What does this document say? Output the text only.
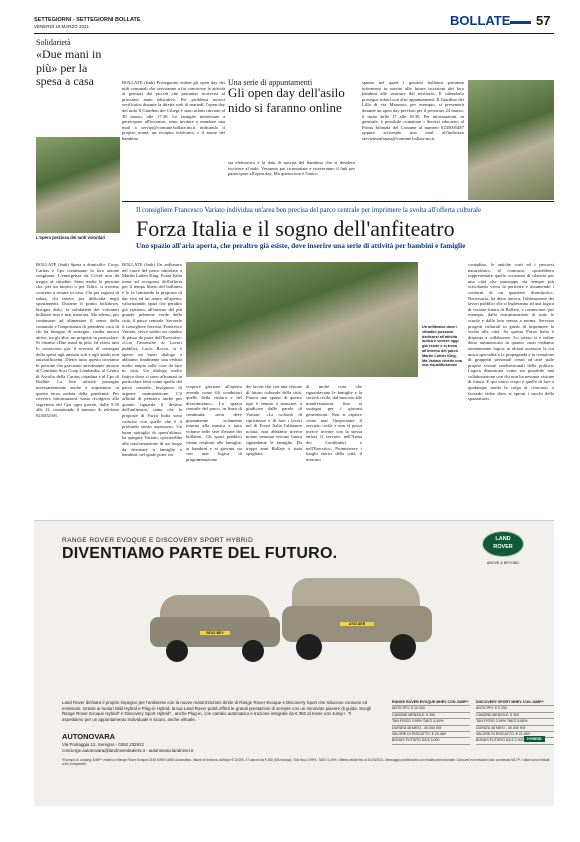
SETTEGIORNI - SETTEGIORNI BOLLATE
VENERDÌ 19 MARZO 2021	BOLLATE 57
Solidarietà
«Due mani in più» per la spesa a casa
L'opera preziosa dei tanti volontari
BOLLATE (fmh) Spesa a domicilio: Coop, Caritas e Cps continuano la loro azione congiunta. L'emergenza da Covid non dà tregua ai cittadini. Sono molte le persone che, per un motivo o per l'altro, si trovano costrette a restare in casa. Chi per ragioni di salute, chi invece per difficoltà negli spostamenti. Durante il primo lockdown, bisogna dirlo, la solidarietà dei volontari bollatesi non è mai mancata. Ma adesso, per continuare ad alimentare il senso della comunità e l'importanza di prendersi cura di chi ha bisogno di sostegno, risulta ancora attivo, tra gli altri, un progetto in particolare. Si chiama «Due mani in più» ed estesi tutti lo conoscono già: il servizio di consegna della spesa agli anziani soli e agli adulti non autosufficienti. Dietro tutto questo troviamo le persone che gravitano attivamente attorno al Comitato Soci Coop Lombardia, al Centro di Ascolto della Caritas cittadina e al Cps di Bollate. La loro attività prosegue incessantemente anche e soprattutto in questa terza ondata della pandemia. Per ricevere informazioni, basta rivolgersi alla segreteria del Cps ogni giorno, dalle 9.30 alle 12, contattando il numero di telefono 023502168.
BOLLATE (fmh) Proseguono online gli open day dei nidi comunali che serviranno a far conoscere le attività ai genitori dei piccoli che potranno iscriversi al prossimo anno educativo. Per problemi tecnici verificatisi durante la diretta web di martedì, l'open day del nido Il Giardino dei Ciliegi è stato infatti rinviato al 30 marzo, alle 17.30. Le famiglie interessate a partecipare all'incontro, sono invitate a mandare una mail a servizi@comune.bollate.mi.it indicando il proprio nome, un recapito telefonico e il nome del bambino.
Una serie di appuntamenti
Gli open day dell'asilo nido si faranno online
sia elettronica e la data di nascita del bambino che si desidera iscrivere al nido. Verranno poi ricontattate e riceveranno il link per partecipare all'open day. Ma questo non è l'unico
spunto nel quale i genitori bollatesi potranno informarsi in merito alle future iscrizioni dei loro bambini alle strutture del territorio. Il calendario prosegue infatti con altri appuntamenti. Il Giardino dei Lilla di via Manzoni, per esempio, si presenterà durante un open day previsto per il prossimo 24 marzo, il turno dalle 17 alle 18.30. Per informazioni, in generale, è possibile contattare i Servizi educativi al Prima Infanzia del Comune al numero 0235005487 oppure scrivendo una mail all'indirizzo servizimaifanzia@comune.bollate.mi.it.
Il consigliere Francesco Variato individua un'area ben precisa del parco centrale per imprimere la svolta all'offerta culturale
Forza Italia e il sogno dell'anfiteatro
Uno spazio all'aria aperta, che peraltro già esiste, dove inserire una serie di attività per bambini e famiglie
BOLLATE (fmh) Un anfiteatro nel cuore del parco intitolato a Martin Luther King. Forza Italia torna ad occuparsi dell'offerta per il tempo libero dei bollatesi e lo fa lanciando la proposta di dar vita ad un teatro all'aperto, valorizzando spazi che peraltro già esistono, all'interno del più grande polmone verde della città, il parco centrale. Secondo il consigliere forzista, Francesco Variato, serve subito un cambio di passo da parte dell'Esecutivo: «Con l'assessore ai Lavori pubblici, Lucia Rocca, si è aperto un buon dialogo e abbiamo finalmente una veduta molto ampia sulle cose da fare in città. Un dialogo molto fattivo dove ci sono affrontati in particolare temi come quello del parco centrale, bisognoso di urgente manutenzione. C'è affinità di pensiero anche per quanto riguarda il destino dell'anfiteatro, tanto che le proposte di Forza Italia sono coincise con quelle che è il profondo stesso assessore». Un buon spiraglio di quest'ultimo, ha spiegato Variato, «porterebbe alla trasformazione di un luogo da destinare a famiglie e bambini, nel quale poter ria-
Un anfiteatro dove i cittadini possano dedicarsi all'attività ludica e vedere oggi già esiste e si trova all'interno del parco Martin Luther King. Ma Variato chiede una sua riqualificazione
scoprire giornate all'aperto avendo come fili conduttori quello della cultura e del divertimento». Lo spazio centrale del parco, in linea di continuità, «non deve giustamente solamente intorno alla musica a tutto volume nelle sere d'estate dei bollatesi. Gli spazi pubblici vanno restituiti alle famiglie, ai bambini e ai giovani sia con una logica di programmazione
dei lavori che con una visione di futuro culturale della città. Finora uno spazio di questo tipo è venuto a mancare, a giudicare dalle parole di Variato: «La volontà di ripristinare e di fare i lavori nel di Forza Italia l'abbiamo notata, non abbiamo invece notato nessuna visione futura riguardante le famiglie. Da troppi anni Bollate è stata spogliata
di molte cose che riguardavano le famiglie e la società civile, dal mercato alle manifestazioni, fino ai sostegni per i giovani generazioni. Non si capisce come mai l'importante il servizio civile e non si possa invece trovare con la stessa enfasi il servizio nell'Arma dei Carabinieri o nell'Esercito». Promuovere i luoghi storici della città, il mercato
contadino, le antiche corti ed i percorsi naturalistici, al contrario, «potrebbero rappresentare quelle occasioni di rilancio per una città che purtroppo sta sempre più scivolando verso la periferia e assumendo i contorni di un quartiere dormitorio». Necessaria, ha detto ancora, l'ultimazione dei lavori pubblici che si legheranno ad una logica di visione futura di Bollate, a cominciare, per esempio, dalla ristrutturazione di tutte le scuole e dalla loro messa a norma. Servono progetti culturali in grado di imprimere la svolta alla città. Su questo Forza Italia è disposta a collaborare. Lo stesso si è infine detto rammaricato in quanto «non vediamo attentamente logica in alcuni assessori la cui unica specialità è la propaganda e la creazione di gruppetti personali creati ad arte sulle proprie visioni unidirezionali della politica. Logica dimostrata come sia possibile una collaborazione con chi non ha nessuna visione di futuro. E qui unico scopo è quello di fare a qualunque modo la colpa ai «fascisti» o facendo video dove si sproni i sacchi della spazzatura».
RANGE ROVER EVOQUE E DISCOVERY SPORT HYBRID
DIVENTIAMO PARTE DEL FUTURO.
LAND
ROVER
ABOVE & BEYOND
RO21 BEV
AT03 AER
Land Rover dichiara il proprio impegno per l'ambiente con la nuove motorizzazioni ibride di Range Rover Evoque e Discovery Sport che riducono consumi ed emissioni. Grazie ai motori Mild Hybrid e Plug-in Hybrid, la tua Land Rover potrà offrirti le grandi prestazioni di sempre con un rinnovato piacere di guida. Scegli Range Rover Evoque Hybrid* e Discovery Sport Hybrid* , anche Plug-in, con cambio automatico e trazione integrale da € 350 al mese con Jump+. Ti aspettiamo per un appuntamento individuale e sicuro, anche virtuale.
AUTONOVARA
Via Pontaggia 12, Seregno - 0362 232912
concierge.autonovara@landroverdealers.it - autonovara.landrover.it
RANGE ROVER EVOQUE MHEV CON JUMP+
ANTICIPO: € 10.000
CANONE MENSILE: € 350
TAN FISSO 3,99% TAEG 5,49%
DURATA 48 MESI - 40.000 KM
VALORE DI RISCATTO: € 24.469
BONUS FUTURO DA € 3.000
DISCOVERY SPORT MHEV CON JUMP+
ANTICIPO: € 9.290
CANONE MENSILE: € 350
TAN FISSO 3,99% TAEG 5,68%
DURATA 48 MESI - 40.000 KM
VALORE DI RISCATTO: € 21.650
BONUS FUTURO DA € 2.000 HYBRID
*Esempio di Leasing JUMP+ relativo a Range Rover Evoque D150 MHEV AWD Automatica. Valore di fornitura. Anticipo € 10.000, 47 canoni da € 350 (IVA inclusa), TAN fisso 3,99%, TAEG 5,49%. Offerta valida fino al 31/03/2021. Messaggio pubblicitario con finalità promozionale. Consumi ed emissioni ciclo combinato WLTP. I valori sono indicati a fini comparativi.
